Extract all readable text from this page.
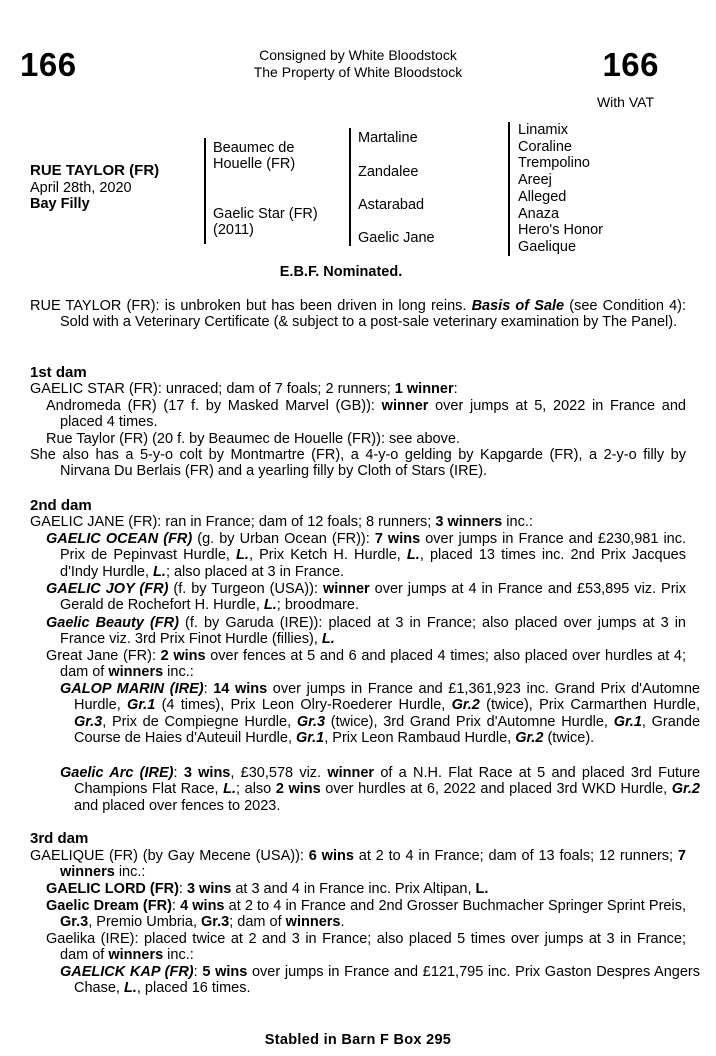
166	Consigned by White Bloodstock
The Property of White Bloodstock	166
With VAT
RUE TAYLOR (FR)
April 28th, 2020
Bay Filly
Beaumec de Houelle (FR)
Gaelic Star (FR) (2011)
Martaline
Zandalee
Astarabad
Gaelic Jane
Linamix
Coraline
Trempolino
Areej
Alleged
Anaza
Hero's Honor
Gaelique
E.B.F. Nominated.
RUE TAYLOR (FR): is unbroken but has been driven in long reins. Basis of Sale (see Condition 4): Sold with a Veterinary Certificate (& subject to a post-sale veterinary examination by The Panel).
1st dam
GAELIC STAR (FR): unraced; dam of 7 foals; 2 runners; 1 winner:
Andromeda (FR) (17 f. by Masked Marvel (GB)): winner over jumps at 5, 2022 in France and placed 4 times.
Rue Taylor (FR) (20 f. by Beaumec de Houelle (FR)): see above.
She also has a 5-y-o colt by Montmartre (FR), a 4-y-o gelding by Kapgarde (FR), a 2-y-o filly by Nirvana Du Berlais (FR) and a yearling filly by Cloth of Stars (IRE).
2nd dam
GAELIC JANE (FR): ran in France; dam of 12 foals; 8 runners; 3 winners inc.:
GAELIC OCEAN (FR) (g. by Urban Ocean (FR)): 7 wins over jumps in France and £230,981 inc. Prix de Pepinvast Hurdle, L., Prix Ketch H. Hurdle, L., placed 13 times inc. 2nd Prix Jacques d'Indy Hurdle, L.; also placed at 3 in France.
GAELIC JOY (FR) (f. by Turgeon (USA)): winner over jumps at 4 in France and £53,895 viz. Prix Gerald de Rochefort H. Hurdle, L.; broodmare.
Gaelic Beauty (FR) (f. by Garuda (IRE)): placed at 3 in France; also placed over jumps at 3 in France viz. 3rd Prix Finot Hurdle (fillies), L.
Great Jane (FR): 2 wins over fences at 5 and 6 and placed 4 times; also placed over hurdles at 4; dam of winners inc.:
GALOP MARIN (IRE): 14 wins over jumps in France and £1,361,923 inc. Grand Prix d'Automne Hurdle, Gr.1 (4 times), Prix Leon Olry-Roederer Hurdle, Gr.2 (twice), Prix Carmarthen Hurdle, Gr.3, Prix de Compiegne Hurdle, Gr.3 (twice), 3rd Grand Prix d'Automne Hurdle, Gr.1, Grande Course de Haies d'Auteuil Hurdle, Gr.1, Prix Leon Rambaud Hurdle, Gr.2 (twice).
Gaelic Arc (IRE): 3 wins, £30,578 viz. winner of a N.H. Flat Race at 5 and placed 3rd Future Champions Flat Race, L.; also 2 wins over hurdles at 6, 2022 and placed 3rd WKD Hurdle, Gr.2 and placed over fences to 2023.
3rd dam
GAELIQUE (FR) (by Gay Mecene (USA)): 6 wins at 2 to 4 in France; dam of 13 foals; 12 runners; 7 winners inc.:
GAELIC LORD (FR): 3 wins at 3 and 4 in France inc. Prix Altipan, L.
Gaelic Dream (FR): 4 wins at 2 to 4 in France and 2nd Grosser Buchmacher Springer Sprint Preis, Gr.3, Premio Umbria, Gr.3; dam of winners.
Gaelika (IRE): placed twice at 2 and 3 in France; also placed 5 times over jumps at 3 in France; dam of winners inc.:
GAELICK KAP (FR): 5 wins over jumps in France and £121,795 inc. Prix Gaston Despres Angers Chase, L., placed 16 times.
Stabled in Barn F Box 295
